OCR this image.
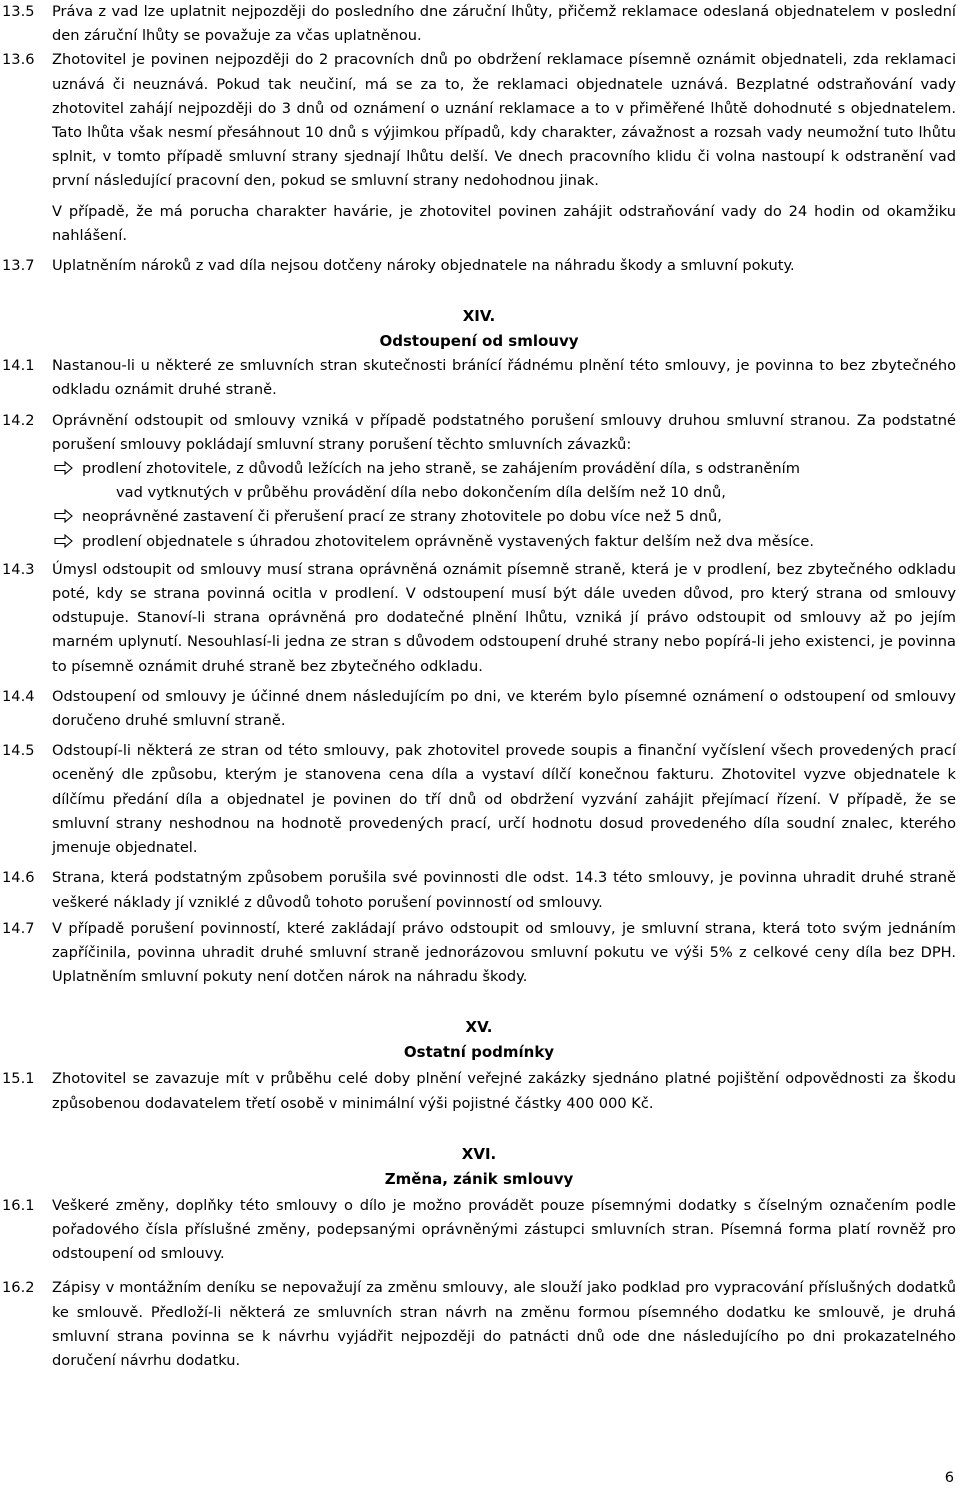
13.5	Práva z vad lze uplatnit nejpozději do posledního dne záruční lhůty, přičemž reklamace odeslaná objednatelem v poslední den záruční lhůty se považuje za včas uplatněnou.
13.6	Zhotovitel je povinen nejpozději do 2 pracovních dnů po obdržení reklamace písemně oznámit objednateli, zda reklamaci uznává či neuznává. Pokud tak neučiní, má se za to, že reklamaci objednatele uznává. Bezplatné odstraňování vady zhotovitel zahájí nejpozději do 3 dnů od oznámení o uznání reklamace a to v přiměřené lhůtě dohodnuté s objednatelem. Tato lhůta však nesmí přesáhnout 10 dnů s výjimkou případů, kdy charakter, závažnost a rozsah vady neumožní tuto lhůtu splnit, v tomto případě smluvní strany sjednají lhůtu delší. Ve dnech pracovního klidu či volna nastoupí k odstranění vad první následující pracovní den, pokud se smluvní strany nedohodnou jinak.
V případě, že má porucha charakter havárie, je zhotovitel povinen zahájit odstraňování vady do 24 hodin od okamžiku nahlášení.
13.7	Uplatněním nároků z vad díla nejsou dotčeny nároky objednatele na náhradu škody a smluvní pokuty.
XIV.
Odstoupení od smlouvy
14.1	Nastanou-li u některé ze smluvních stran skutečnosti bránící řádnému plnění této smlouvy, je povinna to bez zbytečného odkladu oznámit druhé straně.
14.2	Oprávnění odstoupit od smlouvy vzniká v případě podstatného porušení smlouvy druhou smluvní stranou. Za podstatné porušení smlouvy pokládají smluvní strany porušení těchto smluvních závazků:
prodlení zhotovitele, z důvodů ležících na jeho straně, se zahájením provádění díla, s odstraněním
vad vytknutých v průběhu provádění díla nebo dokončením díla delším než 10 dnů,
neoprávněné zastavení či přerušení prací ze strany zhotovitele po dobu více než 5 dnů,
prodlení objednatele s úhradou zhotovitelem oprávněně vystavených faktur delším než dva měsíce.
14.3	Úmysl odstoupit od smlouvy musí strana oprávněná oznámit písemně straně, která je v prodlení, bez zbytečného odkladu poté, kdy se strana povinná ocitla v prodlení. V odstoupení musí být dále uveden důvod, pro který strana od smlouvy odstupuje. Stanoví-li strana oprávněná pro dodatečné plnění lhůtu, vzniká jí právo odstoupit od smlouvy až po jejím marném uplynutí. Nesouhlasí-li jedna ze stran s důvodem odstoupení druhé strany nebo popírá-li jeho existenci, je povinna to písemně oznámit druhé straně bez zbytečného odkladu.
14.4	Odstoupení od smlouvy je účinné dnem následujícím po dni, ve kterém bylo písemné oznámení o odstoupení od smlouvy doručeno druhé smluvní straně.
14.5	Odstoupí-li některá ze stran od této smlouvy, pak zhotovitel provede soupis a finanční vyčíslení všech provedených prací oceněný dle způsobu, kterým je stanovena cena díla a vystaví dílčí konečnou fakturu. Zhotovitel vyzve objednatele k dílčímu předání díla a objednatel je povinen do tří dnů od obdržení vyzvání zahájit přejímací řízení. V případě, že se smluvní strany neshodnou na hodnotě provedených prací, určí hodnotu dosud provedeného díla soudní znalec, kterého jmenuje objednatel.
14.6	Strana, která podstatným způsobem porušila své povinnosti dle odst. 14.3 této smlouvy, je povinna uhradit druhé straně veškeré náklady jí vzniklé z důvodů tohoto porušení povinností od smlouvy.
14.7	V případě porušení povinností, které zakládají právo odstoupit od smlouvy, je smluvní strana, která toto svým jednáním zapříčinila, povinna uhradit druhé smluvní straně jednorázovou smluvní pokutu ve výši 5% z celkové ceny díla bez DPH. Uplatněním smluvní pokuty není dotčen nárok na náhradu škody.
XV.
Ostatní podmínky
15.1	Zhotovitel se zavazuje mít v průběhu celé doby plnění veřejné zakázky sjednáno platné pojištění odpovědnosti za škodu způsobenou dodavatelem třetí osobě v minimální výši pojistné částky 400 000 Kč.
XVI.
Změna, zánik smlouvy
16.1	Veškeré změny, doplňky této smlouvy o dílo je možno provádět pouze písemnými dodatky s číselným označením podle pořadového čísla příslušné změny, podepsanými oprávněnými zástupci smluvních stran. Písemná forma platí rovněž pro odstoupení od smlouvy.
16.2	Zápisy v montážním deníku se nepovažují za změnu smlouvy, ale slouží jako podklad pro vypracování příslušných dodatků ke smlouvě. Předloží-li některá ze smluvních stran návrh na změnu formou písemného dodatku ke smlouvě, je druhá smluvní strana povinna se k návrhu vyjádřit nejpozději do patnácti dnů ode dne následujícího po dni prokazatelného doručení návrhu dodatku.
6
